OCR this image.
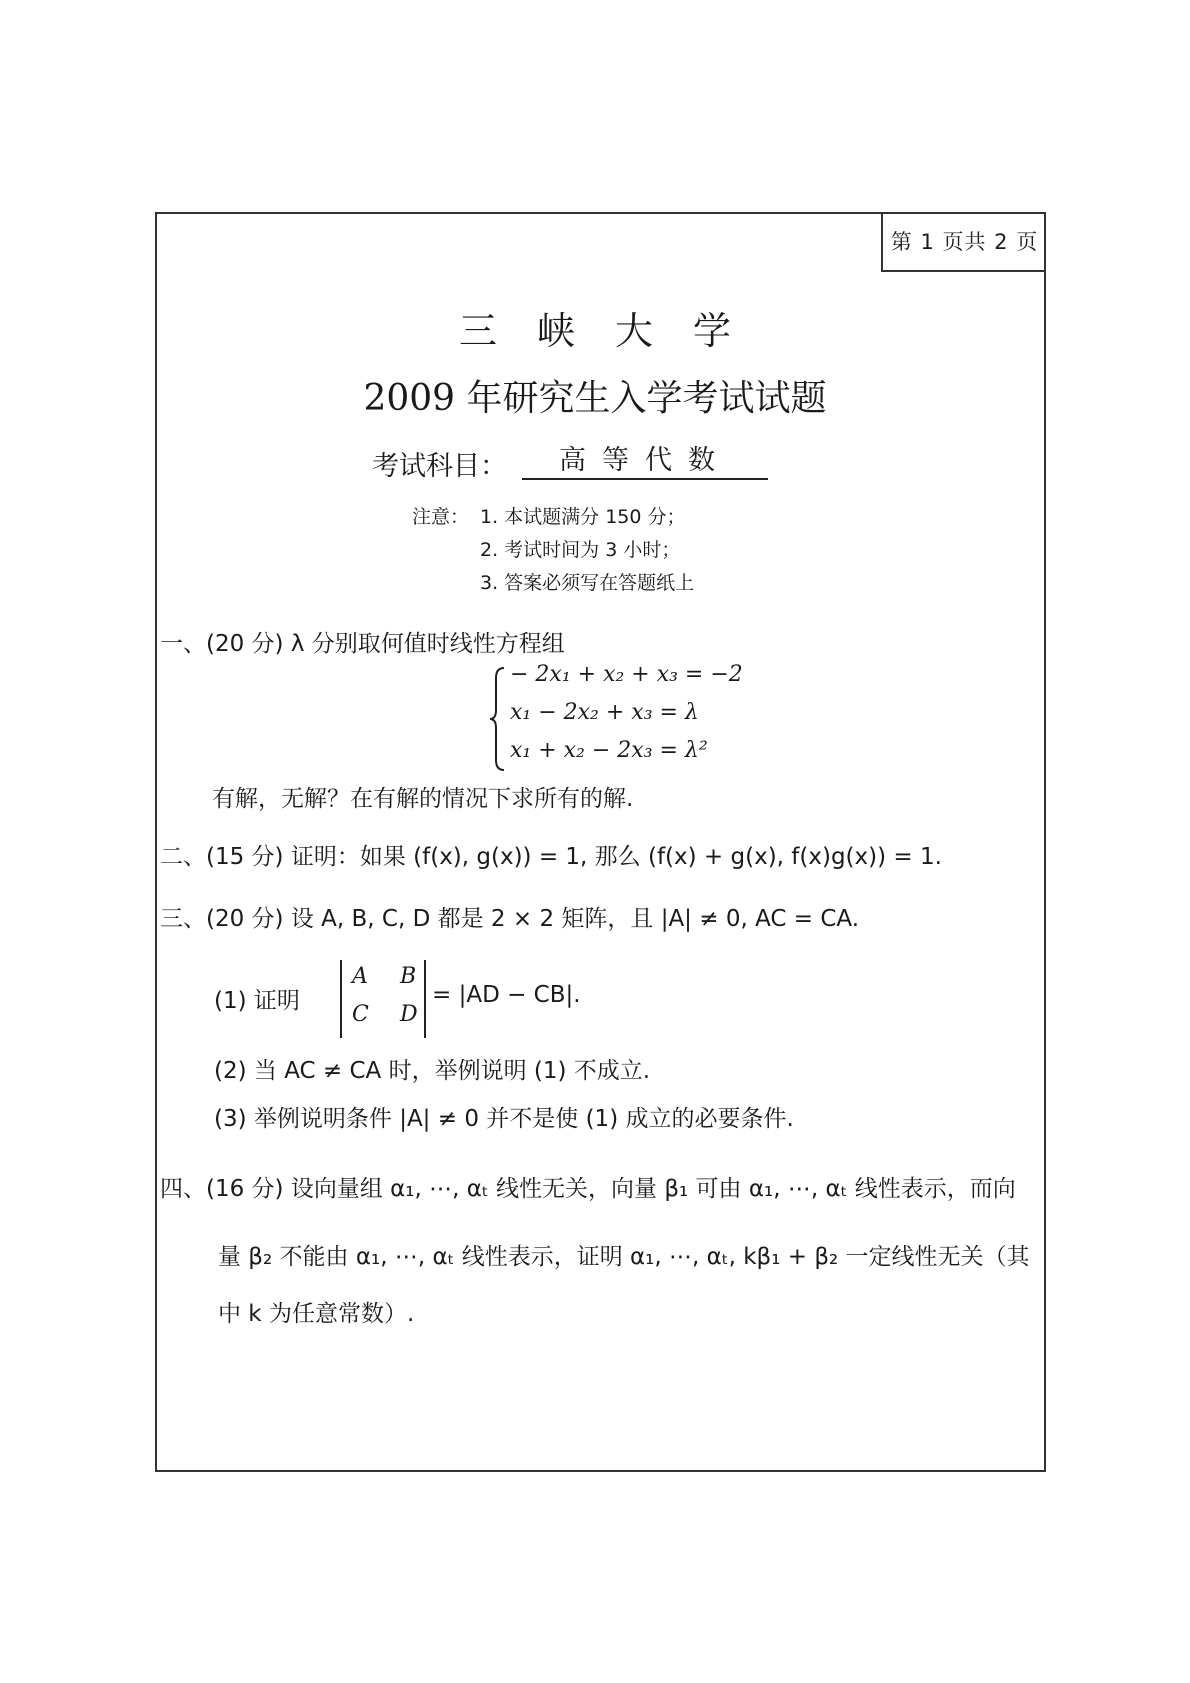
第 1 页共 2 页
三峡大学
2009 年研究生入学考试试题
考试科目：	高等代数
注意： 1. 本试题满分 150 分；
2. 考试时间为 3 小时；
3. 答案必须写在答题纸上
一、(20 分) λ 分别取何值时线性方程组
− 2x₁ + x₂ + x₃ = −2
x₁ − 2x₂ + x₃ = λ
x₁ + x₂ − 2x₃ = λ²
有解，无解？在有解的情况下求所有的解.
二、(15 分) 证明：如果 (f(x), g(x)) = 1, 那么 (f(x) + g(x), f(x)g(x)) = 1.
三、(20 分) 设 A, B, C, D 都是 2 × 2 矩阵，且 |A| ≠ 0, AC = CA.
(1) 证明
A B
C D
= |AD − CB|.
(2) 当 AC ≠ CA 时，举例说明 (1) 不成立.
(3) 举例说明条件 |A| ≠ 0 并不是使 (1) 成立的必要条件.
四、(16 分) 设向量组 α₁, ⋯, αₜ 线性无关，向量 β₁ 可由 α₁, ⋯, αₜ 线性表示，而向
量 β₂ 不能由 α₁, ⋯, αₜ 线性表示，证明 α₁, ⋯, αₜ, kβ₁ + β₂ 一定线性无关（其
中 k 为任意常数）.
